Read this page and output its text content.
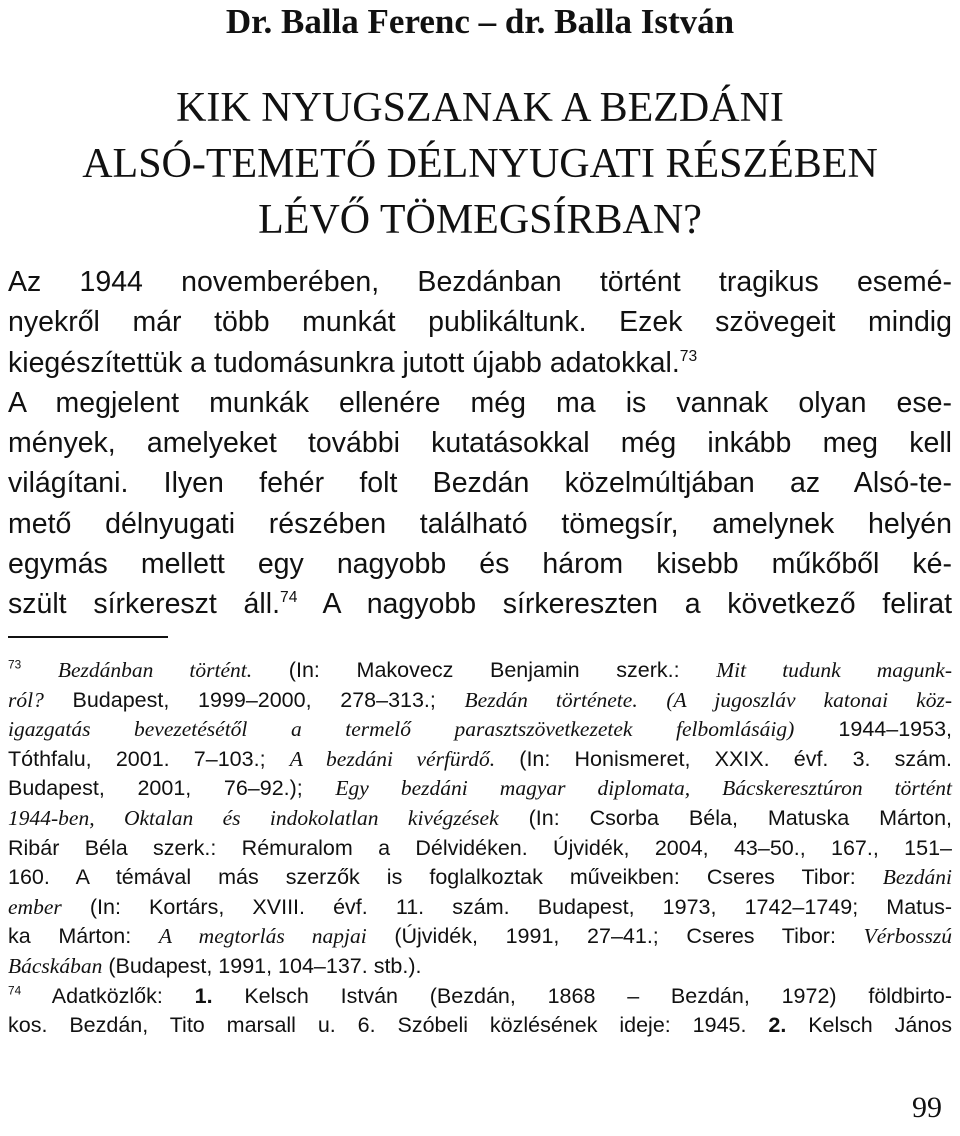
Dr. Balla Ferenc – dr. Balla István
KIK NYUGSZANAK A BEZDÁNI
ALSÓ-TEMETŐ DÉLNYUGATI RÉSZÉBEN
LÉVŐ TÖMEGSÍRBAN?
Az 1944 novemberében, Bezdánban történt tragikus esemé-
nyekről már több munkát publikáltunk. Ezek szövegeit mindig
kiegészítettük a tudomásunkra jutott újabb adatokkal.$^{73}$
A megjelent munkák ellenére még ma is vannak olyan ese-
mények, amelyeket további kutatásokkal még inkább meg kell
világítani. Ilyen fehér folt Bezdán közelmúltjában az Alsó-te-
mető délnyugati részében található tömegsír, amelynek helyén
egymás mellett egy nagyobb és három kisebb műkőből ké-
szült sírkereszt áll.$^{74}$ A nagyobb sírkereszten a következő felirat
$^{73}$ Bezdánban történt. (In: Makovecz Benjamin szerk.: Mit tudunk magunk-
ról? Budapest, 1999–2000, 278–313.; Bezdán története. (A jugoszláv katonai köz-
igazgatás bevezetésétől a termelő parasztszövetkezetek felbomlásáig) 1944–1953,
Tóthfalu, 2001. 7–103.; A bezdáni vérfürdő. (In: Honismeret, XXIX. évf. 3. szám.
Budapest, 2001, 76–92.); Egy bezdáni magyar diplomata, Bácskeresztúron történt
1944-ben, Oktalan és indokolatlan kivégzések (In: Csorba Béla, Matuska Márton,
Ribár Béla szerk.: Rémuralom a Délvidéken. Újvidék, 2004, 43–50., 167., 151–
160. A témával más szerzők is foglalkoztak műveikben: Cseres Tibor: Bezdáni
ember (In: Kortárs, XVIII. évf. 11. szám. Budapest, 1973, 1742–1749; Matus-
ka Márton: A megtorlás napjai (Újvidék, 1991, 27–41.; Cseres Tibor: Vérbosszú
Bácskában (Budapest, 1991, 104–137. stb.).
$^{74}$ Adatközlők: 1. Kelsch István (Bezdán, 1868 – Bezdán, 1972) földbirto-
kos. Bezdán, Tito marsall u. 6. Szóbeli közlésének ideje: 1945. 2. Kelsch János
99
